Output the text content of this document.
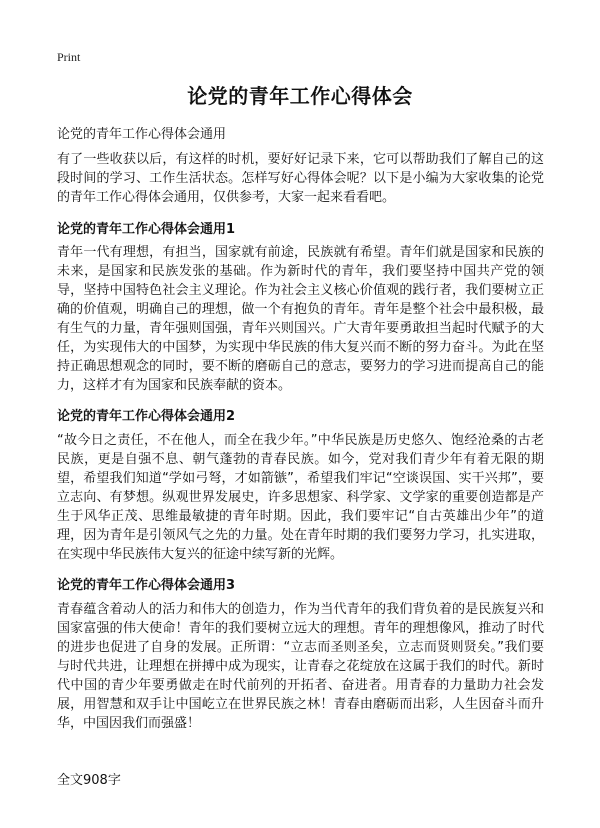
Print
论党的青年工作心得体会
论党的青年工作心得体会通用

有了一些收获以后，有这样的时机，要好好记录下来，它可以帮助我们了解自己的这段时间的学习、工作生活状态。怎样写好心得体会呢？以下是小编为大家收集的论党的青年工作心得体会通用，仅供参考，大家一起来看看吧。

论党的青年工作心得体会通用1

青年一代有理想，有担当，国家就有前途，民族就有希望。青年们就是国家和民族的未来，是国家和民族发张的基础。作为新时代的青年，我们要坚持中国共产党的领导，坚持中国特色社会主义理论。作为社会主义核心价值观的践行者，我们要树立正确的价值观，明确自己的理想，做一个有抱负的青年。青年是整个社会中最积极，最有生气的力量，青年强则国强，青年兴则国兴。广大青年要勇敢担当起时代赋予的大任，为实现伟大的中国梦，为实现中华民族的伟大复兴而不断的努力奋斗。为此在坚持正确思想观念的同时，要不断的磨砺自己的意志，要努力的学习进而提高自己的能力，这样才有为国家和民族奉献的资本。

论党的青年工作心得体会通用2

“故今日之责任，不在他人，而全在我少年。”中华民族是历史悠久、饱经沧桑的古老民族，更是自强不息、朝气蓬勃的青春民族。如今，党对我们青少年有着无限的期望，希望我们知道“学如弓弩，才如箭镞”，希望我们牢记“空谈误国、实干兴邦”，要立志向、有梦想。纵观世界发展史，许多思想家、科学家、文学家的重要创造都是产生于风华正茂、思维最敏捷的青年时期。因此，我们要牢记“自古英雄出少年”的道理，因为青年是引领风气之先的力量。处在青年时期的我们要努力学习，扎实进取，在实现中华民族伟大复兴的征途中续写新的光辉。

论党的青年工作心得体会通用3

青春蕴含着动人的活力和伟大的创造力，作为当代青年的我们背负着的是民族复兴和国家富强的伟大使命！青年的我们要树立远大的理想。青年的理想像风，推动了时代的进步也促进了自身的发展。正所谓：“立志而圣则圣矣，立志而贤则贤矣。”我们要与时代共进，让理想在拼搏中成为现实，让青春之花绽放在这属于我们的时代。新时代中国的青少年要勇做走在时代前列的开拓者、奋进者。用青春的力量助力社会发展，用智慧和双手让中国屹立在世界民族之林！青春由磨砺而出彩，人生因奋斗而升华，中国因我们而强盛！

全文908字
